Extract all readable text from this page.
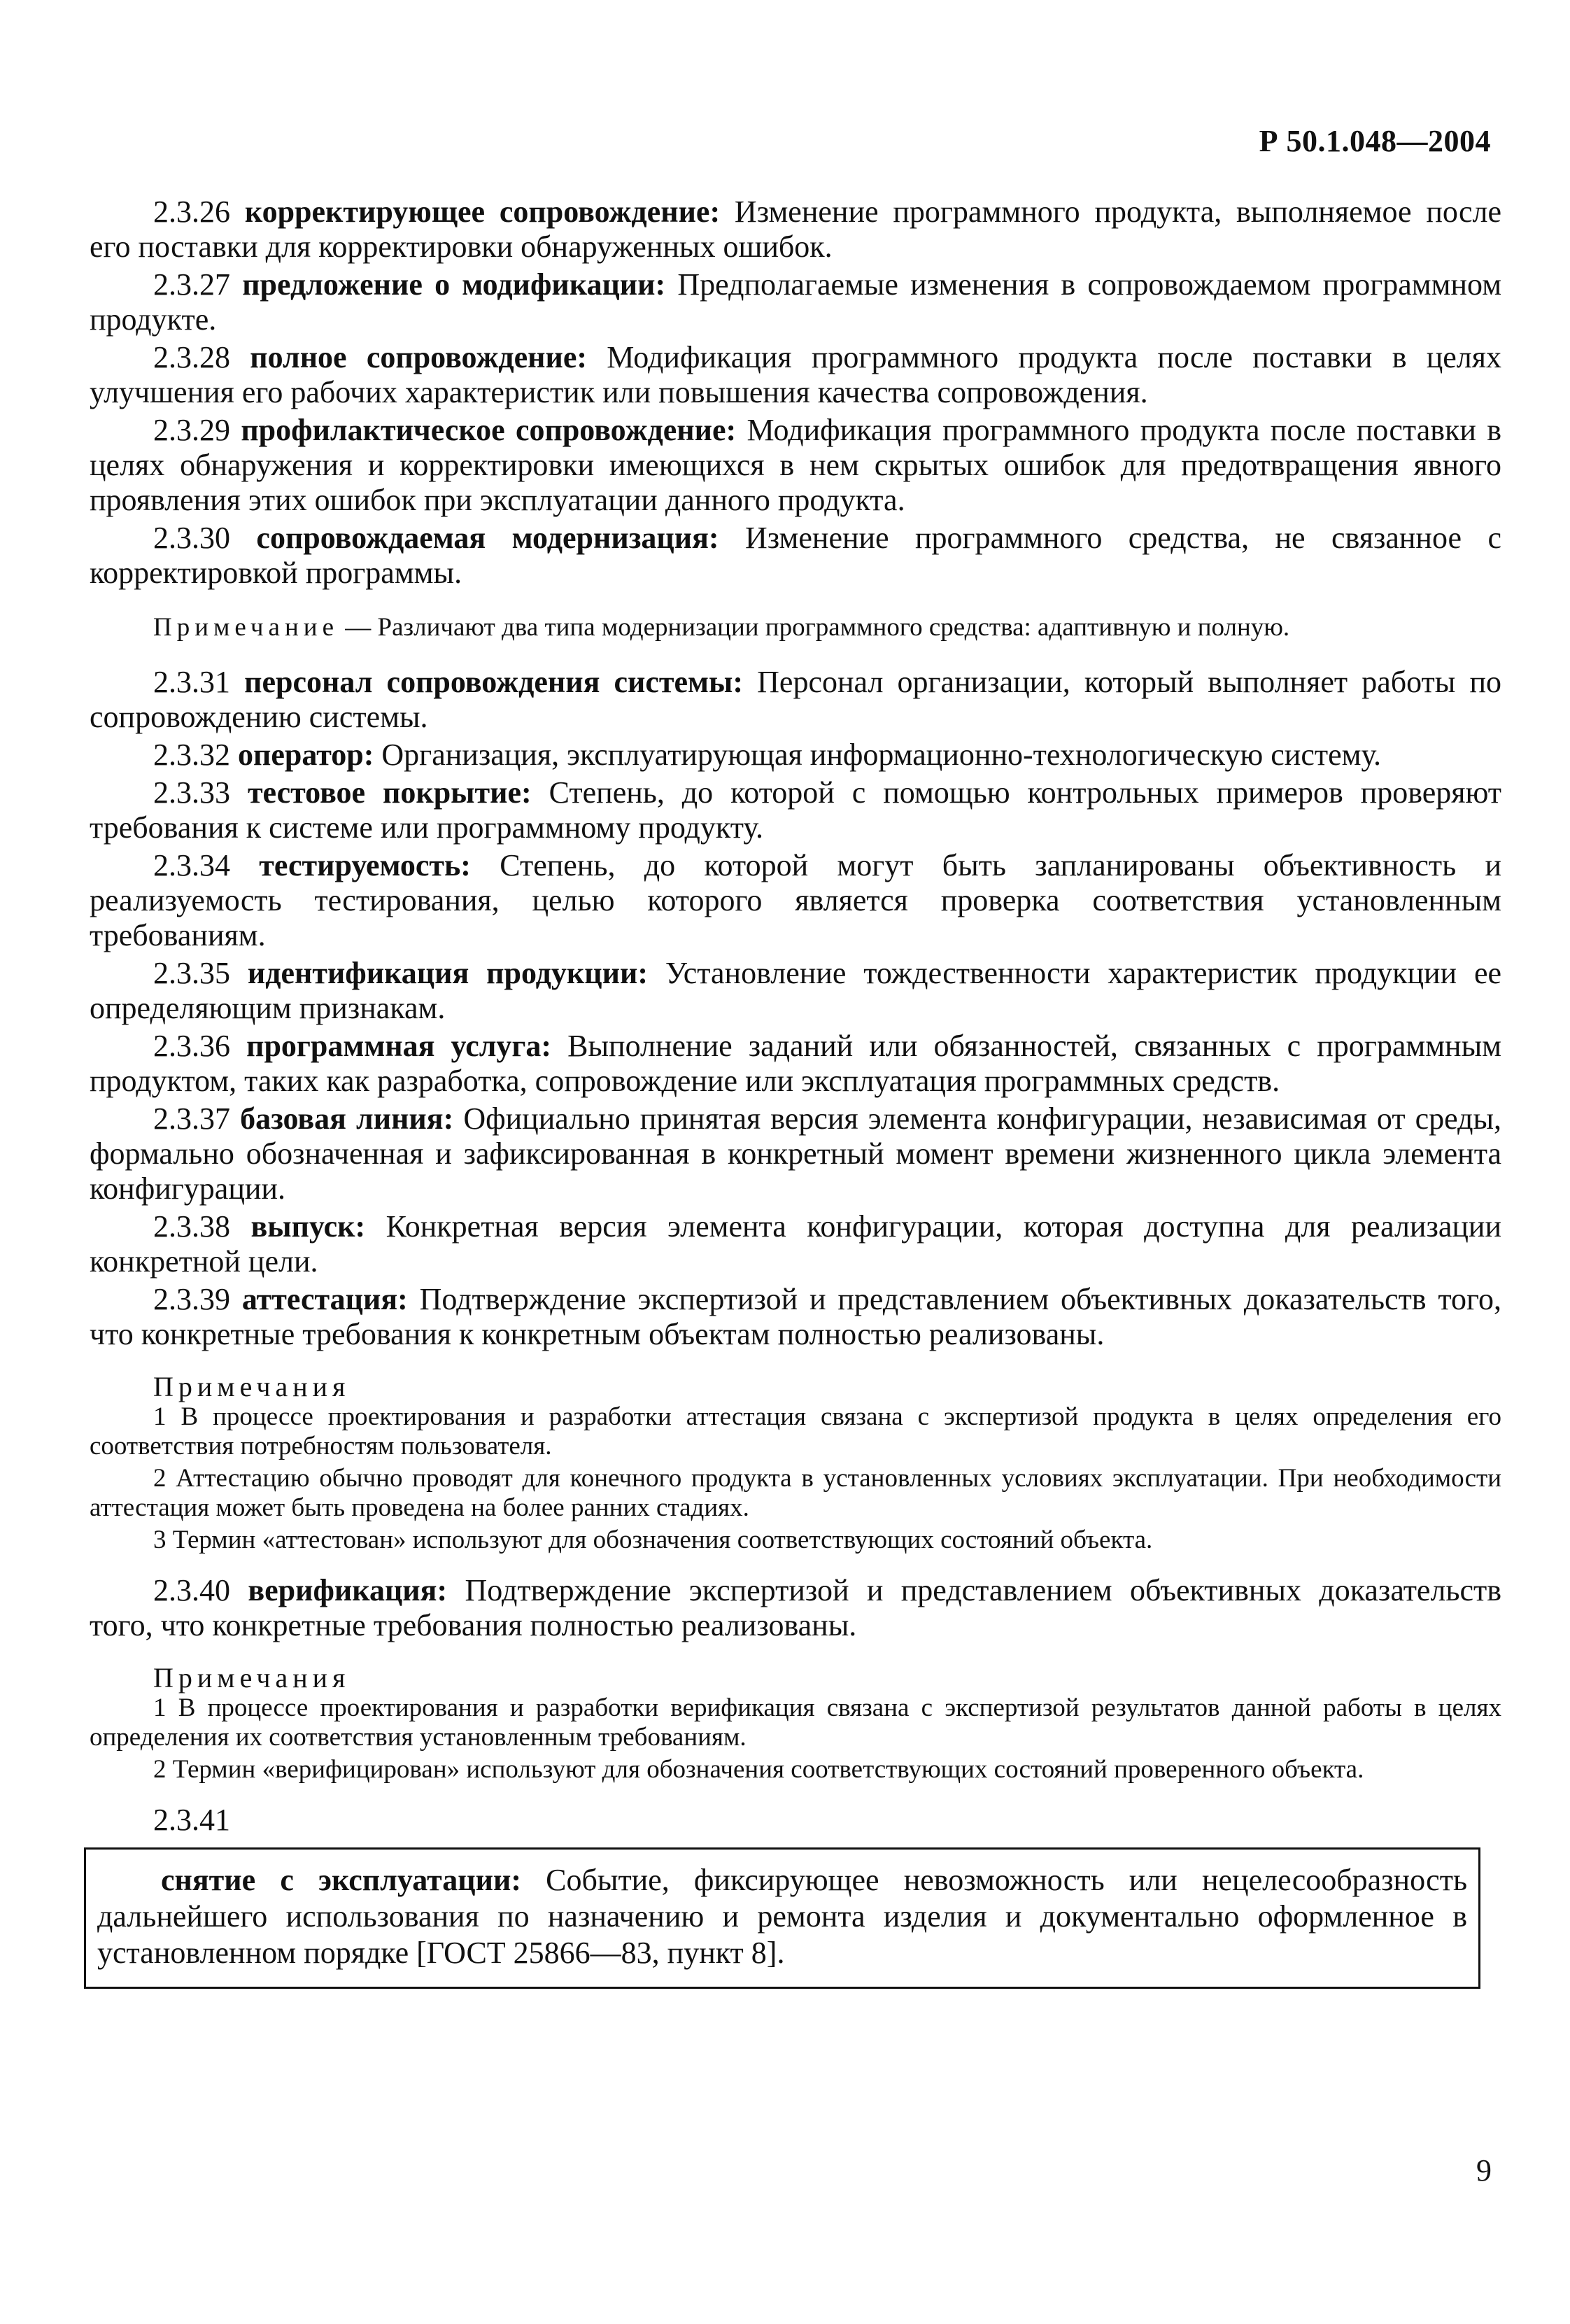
Р 50.1.048—2004

2.3.26 корректирующее сопровождение: Изменение программного продукта, выполняемое после его поставки для корректировки обнаруженных ошибок.

2.3.27 предложение о модификации: Предполагаемые изменения в сопровождаемом программном продукте.

2.3.28 полное сопровождение: Модификация программного продукта после поставки в целях улучшения его рабочих характеристик или повышения качества сопровождения.

2.3.29 профилактическое сопровождение: Модификация программного продукта после поставки в целях обнаружения и корректировки имеющихся в нем скрытых ошибок для предотвращения явного проявления этих ошибок при эксплуатации данного продукта.

2.3.30 сопровождаемая модернизация: Изменение программного средства, не связанное с корректировкой программы.

Примечание — Различают два типа модернизации программного средства: адаптивную и полную.

2.3.31 персонал сопровождения системы: Персонал организации, который выполняет работы по сопровождению системы.

2.3.32 оператор: Организация, эксплуатирующая информационно-технологическую систему.

2.3.33 тестовое покрытие: Степень, до которой с помощью контрольных примеров проверяют требования к системе или программному продукту.

2.3.34 тестируемость: Степень, до которой могут быть запланированы объективность и реализуемость тестирования, целью которого является проверка соответствия установленным требованиям.

2.3.35 идентификация продукции: Установление тождественности характеристик продукции ее определяющим признакам.

2.3.36 программная услуга: Выполнение заданий или обязанностей, связанных с программным продуктом, таких как разработка, сопровождение или эксплуатация программных средств.

2.3.37 базовая линия: Официально принятая версия элемента конфигурации, независимая от среды, формально обозначенная и зафиксированная в конкретный момент времени жизненного цикла элемента конфигурации.

2.3.38 выпуск: Конкретная версия элемента конфигурации, которая доступна для реализации конкретной цели.

2.3.39 аттестация: Подтверждение экспертизой и представлением объективных доказательств того, что конкретные требования к конкретным объектам полностью реализованы.

Примечания

1 В процессе проектирования и разработки аттестация связана с экспертизой продукта в целях определения его соответствия потребностям пользователя.

2 Аттестацию обычно проводят для конечного продукта в установленных условиях эксплуатации. При необходимости аттестация может быть проведена на более ранних стадиях.

3 Термин «аттестован» используют для обозначения соответствующих состояний объекта.

2.3.40 верификация: Подтверждение экспертизой и представлением объективных доказательств того, что конкретные требования полностью реализованы.

Примечания

1 В процессе проектирования и разработки верификация связана с экспертизой результатов данной работы в целях определения их соответствия установленным требованиям.

2 Термин «верифицирован» используют для обозначения соответствующих состояний проверенного объекта.

2.3.41

снятие с эксплуатации: Событие, фиксирующее невозможность или нецелесообразность дальнейшего использования по назначению и ремонта изделия и документально оформленное в установленном порядке [ГОСТ 25866—83, пункт 8].
9
